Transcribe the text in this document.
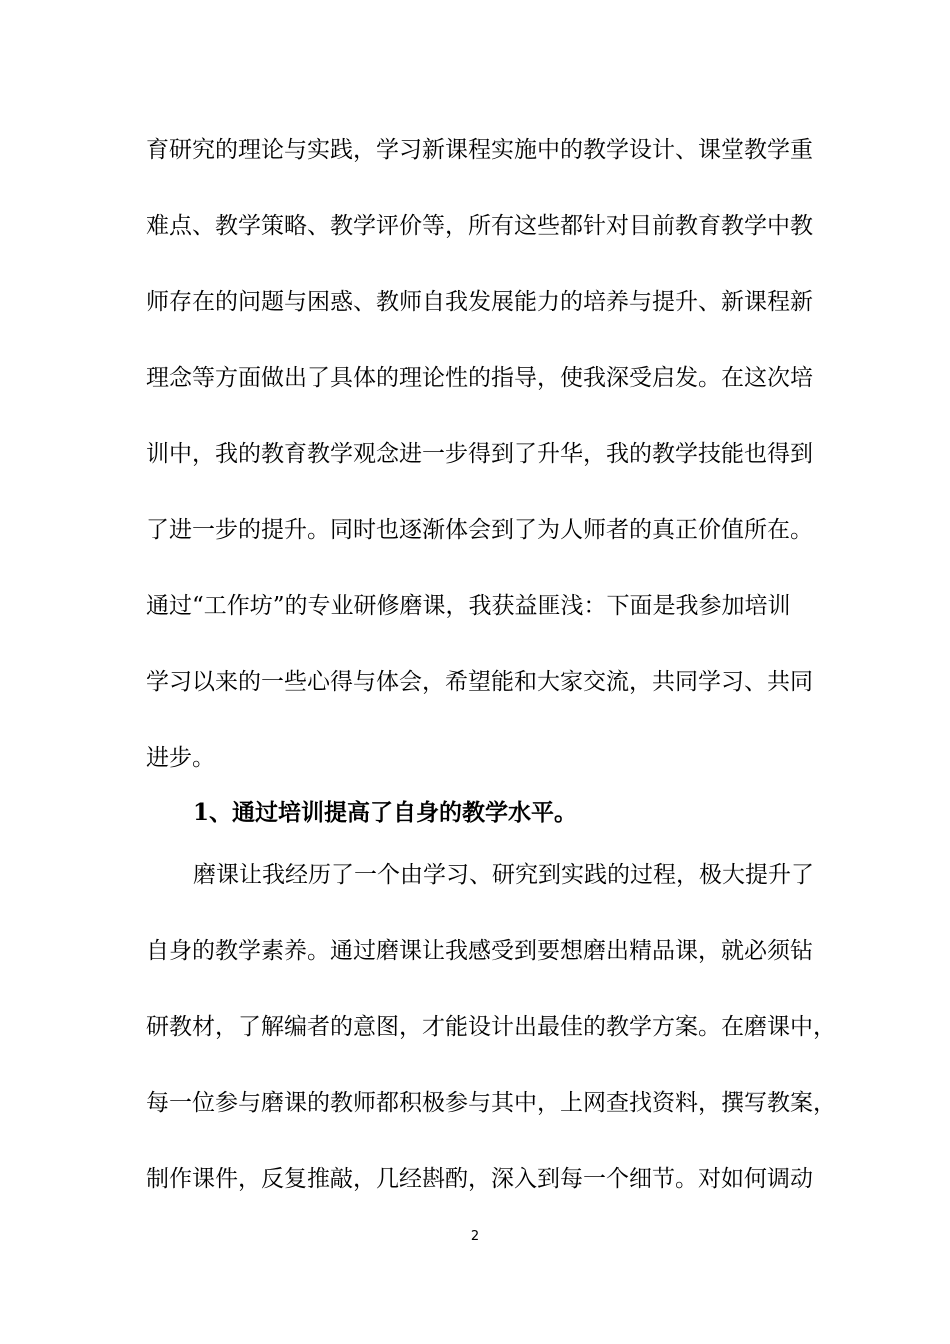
育研究的理论与实践，学习新课程实施中的教学设计、课堂教学重
难点、教学策略、教学评价等，所有这些都针对目前教育教学中教
师存在的问题与困惑、教师自我发展能力的培养与提升、新课程新
理念等方面做出了具体的理论性的指导，使我深受启发。在这次培
训中，我的教育教学观念进一步得到了升华，我的教学技能也得到
了进一步的提升。同时也逐渐体会到了为人师者的真正价值所在。
通过“工作坊”的专业研修磨课，我获益匪浅：下面是我参加培训
学习以来的一些心得与体会，希望能和大家交流，共同学习、共同
进步。
1、通过培训提高了自身的教学水平。
磨课让我经历了一个由学习、研究到实践的过程，极大提升了
自身的教学素养。通过磨课让我感受到要想磨出精品课，就必须钻
研教材，了解编者的意图，才能设计出最佳的教学方案。在磨课中，
每一位参与磨课的教师都积极参与其中，上网查找资料，撰写教案，
制作课件，反复推敲，几经斟酌，深入到每一个细节。对如何调动
2
